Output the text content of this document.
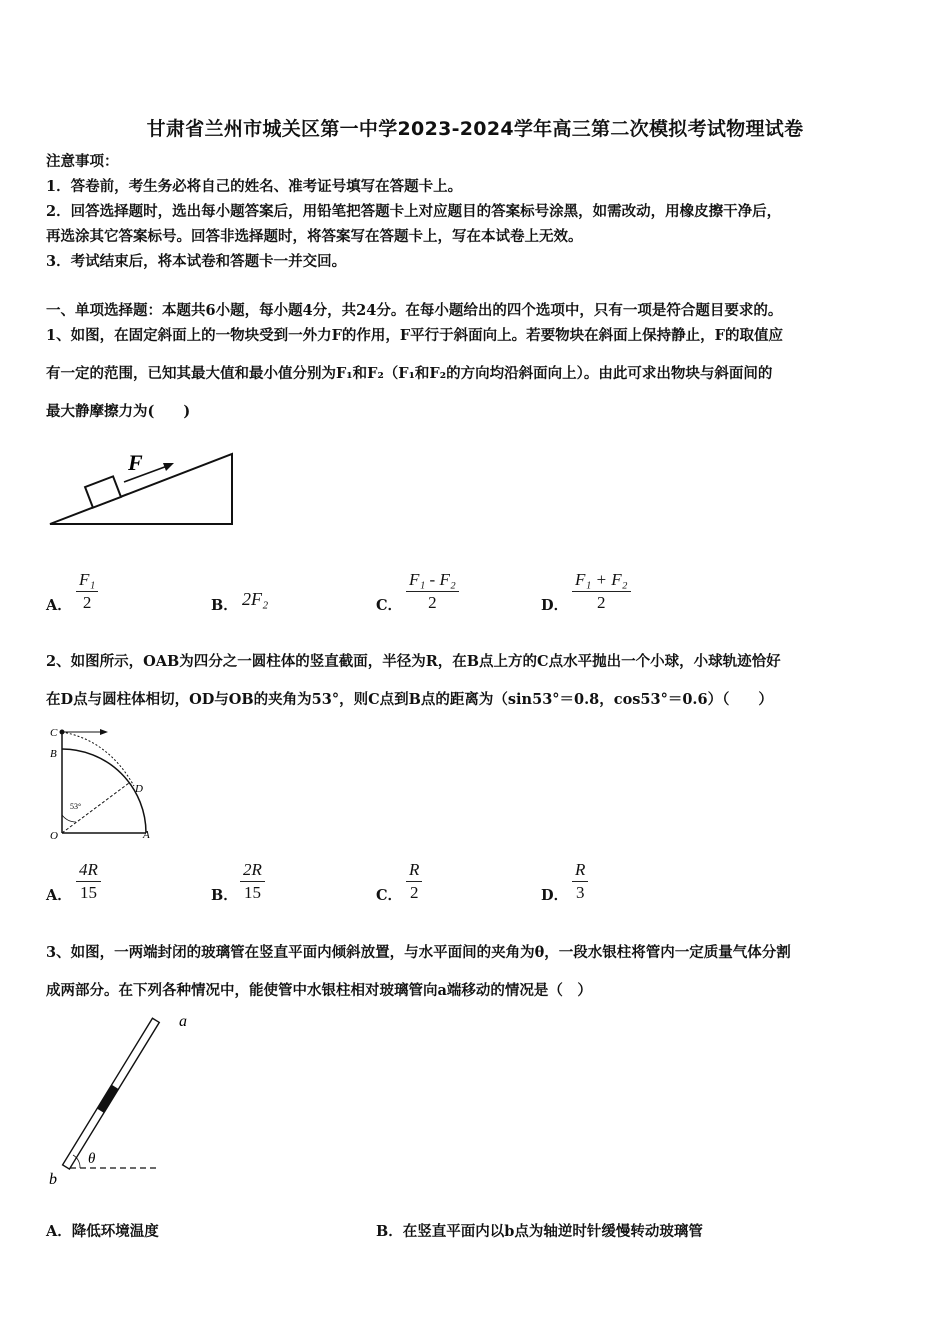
甘肃省兰州市城关区第一中学2023-2024学年高三第二次模拟考试物理试卷
注意事项：
1．答卷前，考生务必将自己的姓名、准考证号填写在答题卡上。
2．回答选择题时，选出每小题答案后，用铅笔把答题卡上对应题目的答案标号涂黑，如需改动，用橡皮擦干净后，
再选涂其它答案标号。回答非选择题时，将答案写在答题卡上，写在本试卷上无效。
3．考试结束后，将本试卷和答题卡一并交回。
一、单项选择题：本题共6小题，每小题4分，共24分。在每小题给出的四个选项中，只有一项是符合题目要求的。
1、如图，在固定斜面上的一物块受到一外力F的作用，F平行于斜面向上。若要物块在斜面上保持静止，F的取值应
有一定的范围，已知其最大值和最小值分别为F₁和F₂（F₁和F₂的方向均沿斜面向上）。由此可求出物块与斜面间的
最大静摩擦力为(　　)
F
A．
F₁
2	B． 2F₂	C．
F₁ - F₂
2	D．
F₁ + F₂
2
2、如图所示，OAB为四分之一圆柱体的竖直截面，半径为R，在B点上方的C点水平抛出一个小球，小球轨迹恰好
在D点与圆柱体相切，OD与OB的夹角为53°，则C点到B点的距离为（sin53°＝0.8，cos53°＝0.6）（　　）
C
B
D
O	A
53°
A．
4R
15	B．
2R
15	C．
R
2	D．
R
3
3、如图，一两端封闭的玻璃管在竖直平面内倾斜放置，与水平面间的夹角为θ，一段水银柱将管内一定质量气体分割
成两部分。在下列各种情况中，能使管中水银柱相对玻璃管向a端移动的情况是（　）
a
b
θ
A．降低环境温度	B．在竖直平面内以b点为轴逆时针缓慢转动玻璃管
